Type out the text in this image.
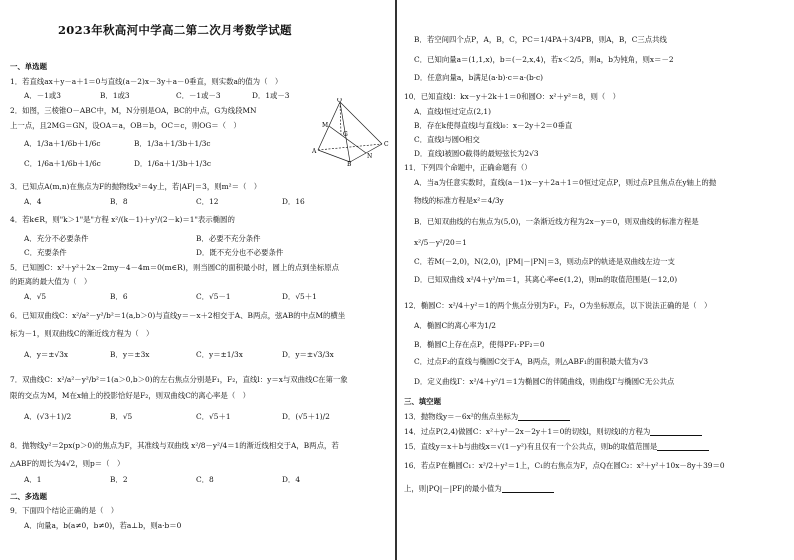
2023年秋高河中学高二第二次月考数学试题
一、单选题
1．若直线ax＋y－a＋1＝0与直线(a－2)x－3y＋a－0垂直，则实数a的值为（　）
A．－1或3	B．1或3	C．－1或－3	D．1或－3
2．如图，三棱锥O－ABC中，M，N分别是OA，BC的中点，G为线段MN
上一点，且2MG＝GN，设OA＝a，OB＝b，OC＝c，则OG＝（　）
A．1/3a＋1/6b＋1/6c	B．1/3a＋1/3b＋1/3c
C．1/6a＋1/6b＋1/6c	D．1/6a＋1/3b＋1/3c
O
A
B
C
M
N
G
3．已知点A(m,n)在焦点为F的抛物线x²＝4y上，若|AF|＝3，则m²＝（　）
A．4	B．8	C．12	D．16
4．若k∈R，则"k＞1"是"方程 x²/(k－1)＋y²/(2－k)＝1"表示椭圆的
A．充分不必要条件	B．必要不充分条件
C．充要条件	D．既不充分也不必要条件
5．已知圆C：x²＋y²＋2x－2my－4－4m＝0(m∈R)，则当圆C的面积最小时，圆上的点到坐标原点
的距离的最大值为（　）
A．√5	B．6	C．√5－1	D．√5＋1
6．已知双曲线C：x²/a²－y²/b²＝1(a,b＞0)与直线y＝－x＋2相交于A、B两点，弦AB的中点M的横坐
标为－1，则双曲线C的渐近线方程为（　）
A．y＝±√3x	B．y＝±3x	C．y＝±1/3x	D．y＝±√3/3x
7．双曲线C：x²/a²－y²/b²＝1(a＞0,b＞0)的左右焦点分别是F₁，F₂，直线l：y＝x与双曲线C在第一象
限的交点为M，M在x轴上的投影恰好是F₂，则双曲线C的离心率是（　）
A．(√3＋1)/2	B．√5	C．√5＋1	D．(√5＋1)/2
8．抛物线y²＝2px(p＞0)的焦点为F，其准线与双曲线 x²/8－y²/4＝1的渐近线相交于A，B两点，若
△ABF的周长为4√2，则p＝（　）
A．1	B．2	C．8	D．4
二、多选题
9．下面四个结论正确的是（　）
A．向量a，b(a≠0，b≠0)，若a⊥b，则a·b＝0
B．若空间四个点P，A，B，C，PC＝1/4PA＋3/4PB，则A，B，C三点共线
C．已知向量a＝(1,1,x)，b＝(－2,x,4)，若x＜2/5，则a，b为钝角，则x＝－2
D．任意向量a，b满足(a·b)·c＝a·(b·c)
10．已知直线l：kx－y＋2k＋1＝0和圆O：x²＋y²＝8，则（　）
A．直线l恒过定点(2,1)
B．存在k使得直线l与直线l₀：x－2y＋2＝0垂直
C．直线l与圆O相交
D．直线l被圆O截得的最短弦长为2√3
11．下列四个命题中，正确命题有（）
A．当a为任意实数时，直线(a－1)x－y＋2a＋1＝0恒过定点P，则过点P且焦点在y轴上的抛
物线的标准方程是x²＝4/3y
B．已知双曲线的右焦点为(5,0)，一条渐近线方程为2x－y＝0，则双曲线的标准方程是
x²/5－y²/20＝1
C．若M(－2,0)，N(2,0)，|PM|－|PN|＝3，则动点P的轨迹是双曲线左边一支
D．已知双曲线 x²/4＋y²/m＝1，其离心率e∈(1,2)，则m的取值范围是(－12,0)
12．椭圆C：x²/4＋y²＝1的两个焦点分别为F₁，F₂，O为坐标原点，以下说法正确的是（　）
A．椭圆C的离心率为1/2
B．椭圆C上存在点P，使得PF₁·PF₂＝0
C．过点F₂的直线与椭圆C交于A，B两点，则△ABF₁的面积最大值为√3
D．定义曲线Γ：x²/4＋y²/1＝1为椭圆C的伴随曲线，则曲线Γ与椭圆C无公共点
三、填空题
13．抛物线y＝－6x²的焦点坐标为
14．过点P(2,4)做圆C：x²＋y²－2x－2y＋1＝0的切线l，则切线l的方程为
15．直线y＝x＋b与曲线x＝√(1－y²)有且仅有一个公共点，则b的取值范围是
16．若点P在椭圆C₁：x²/2＋y²＝1上，C₁的右焦点为F，点Q在圆C₂：x²＋y²＋10x－8y＋39＝0
上，则|PQ|－|PF|的最小值为
